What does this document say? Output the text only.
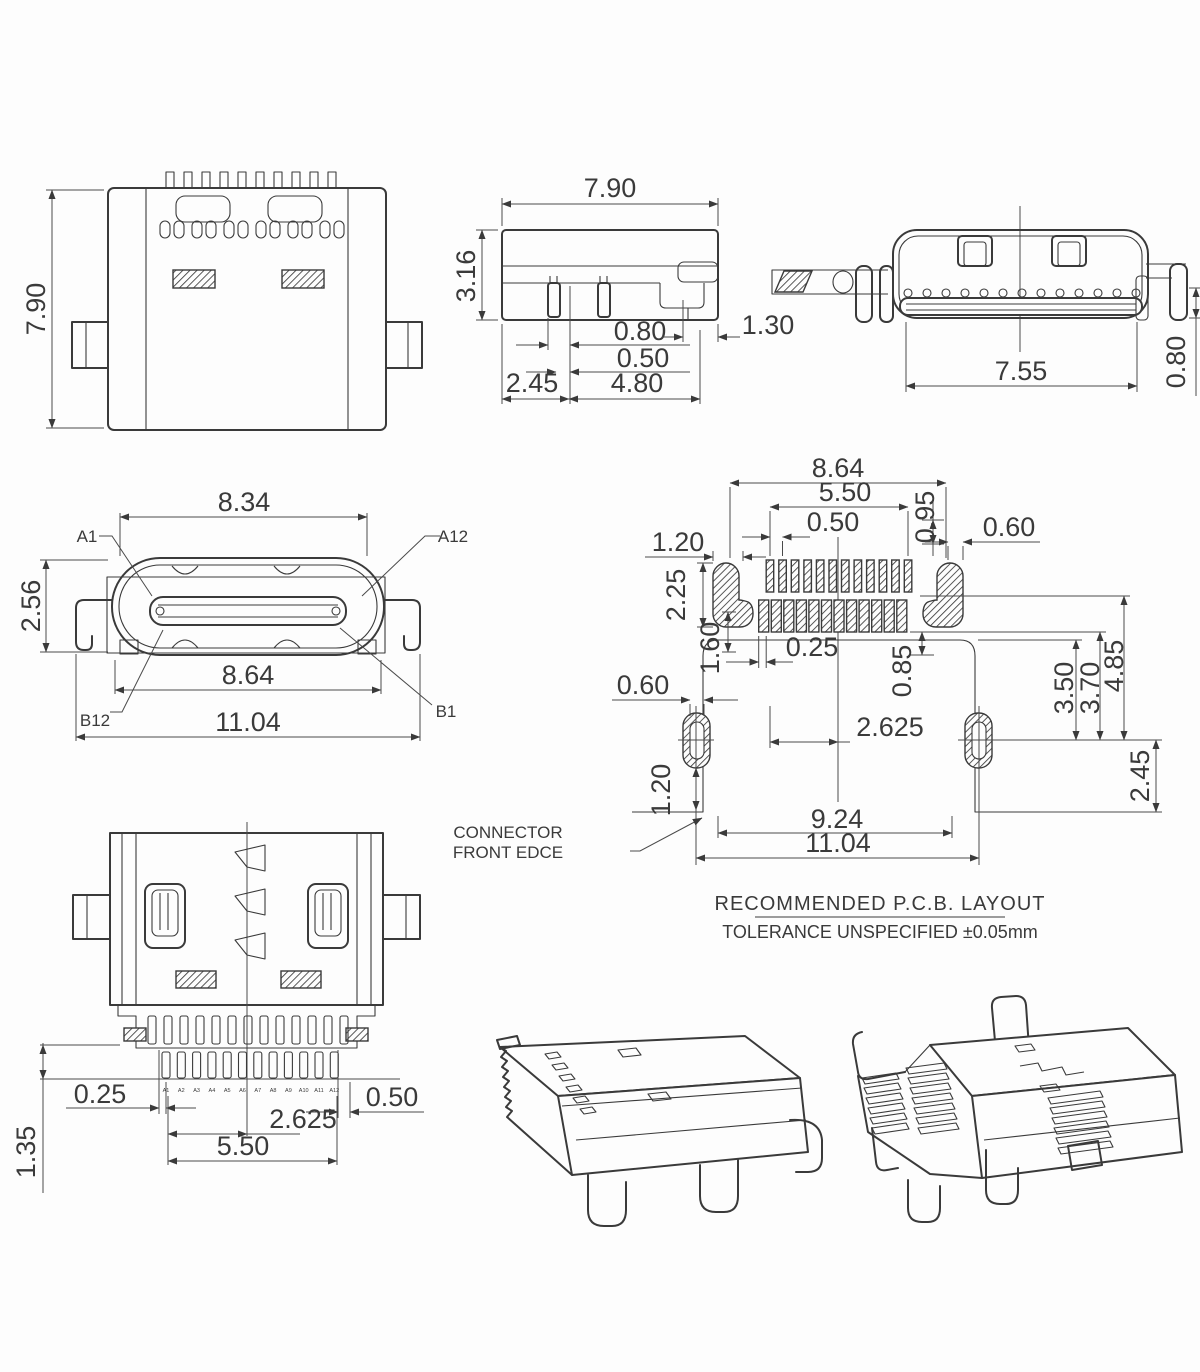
7.90
7.90
3.16
0.80
0.50
2.45 4.80
1.30
7.55	0.80
A1	A12
B12	B1
8.34
2.56
8.64
11.04
A1 A2 A3 A4 A5 A6 A7 A8 A9 A10 A11 A12
1.35
0.25	0.50
2.625
5.50
8.64
5.50
0.50 0.95 0.60
1.20
2.25
1.60 0.25 0.85
2.625
0.60
1.20
3.50
3.70
4.85
2.45
9.24
11.04
CONNECTOR
FRONT EDCE
RECOMMENDED P.C.B. LAYOUT
TOLERANCE UNSPECIFIED ±0.05mm
